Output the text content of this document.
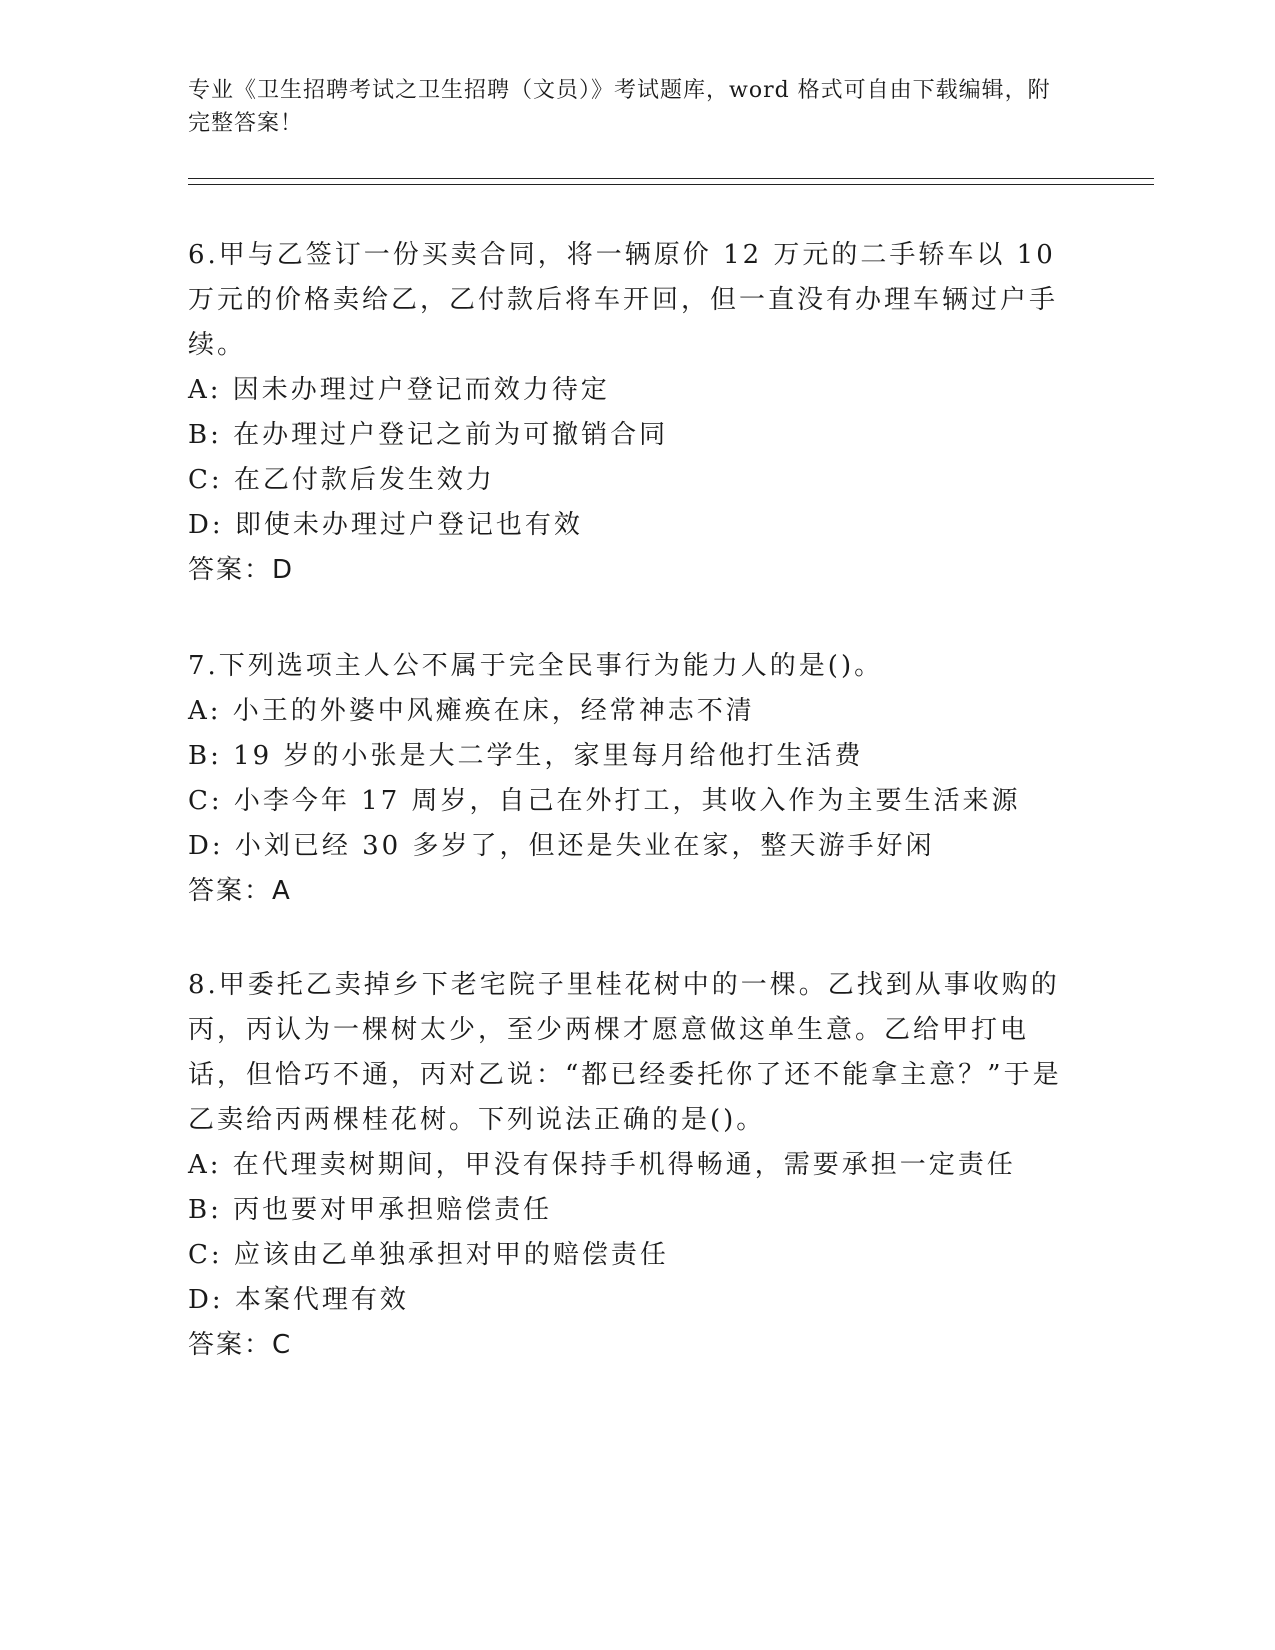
专业《卫生招聘考试之卫生招聘（文员）》考试题库，word 格式可自由下载编辑，附完整答案！

6.甲与乙签订一份买卖合同，将一辆原价 12 万元的二手轿车以 10 万元的价格卖给乙，乙付款后将车开回，但一直没有办理车辆过户手续。

A: 因未办理过户登记而效力待定

B: 在办理过户登记之前为可撤销合同

C: 在乙付款后发生效力

D: 即使未办理过户登记也有效

答案：D

7.下列选项主人公不属于完全民事行为能力人的是()。

A: 小王的外婆中风瘫痪在床，经常神志不清

B: 19 岁的小张是大二学生，家里每月给他打生活费

C: 小李今年 17 周岁，自己在外打工，其收入作为主要生活来源

D: 小刘已经 30 多岁了，但还是失业在家，整天游手好闲

答案：A

8.甲委托乙卖掉乡下老宅院子里桂花树中的一棵。乙找到从事收购的丙，丙认为一棵树太少，至少两棵才愿意做这单生意。乙给甲打电话，但恰巧不通，丙对乙说：“都已经委托你了还不能拿主意？”于是乙卖给丙两棵桂花树。下列说法正确的是()。

A: 在代理卖树期间，甲没有保持手机得畅通，需要承担一定责任

B: 丙也要对甲承担赔偿责任

C: 应该由乙单独承担对甲的赔偿责任

D: 本案代理有效

答案：C
